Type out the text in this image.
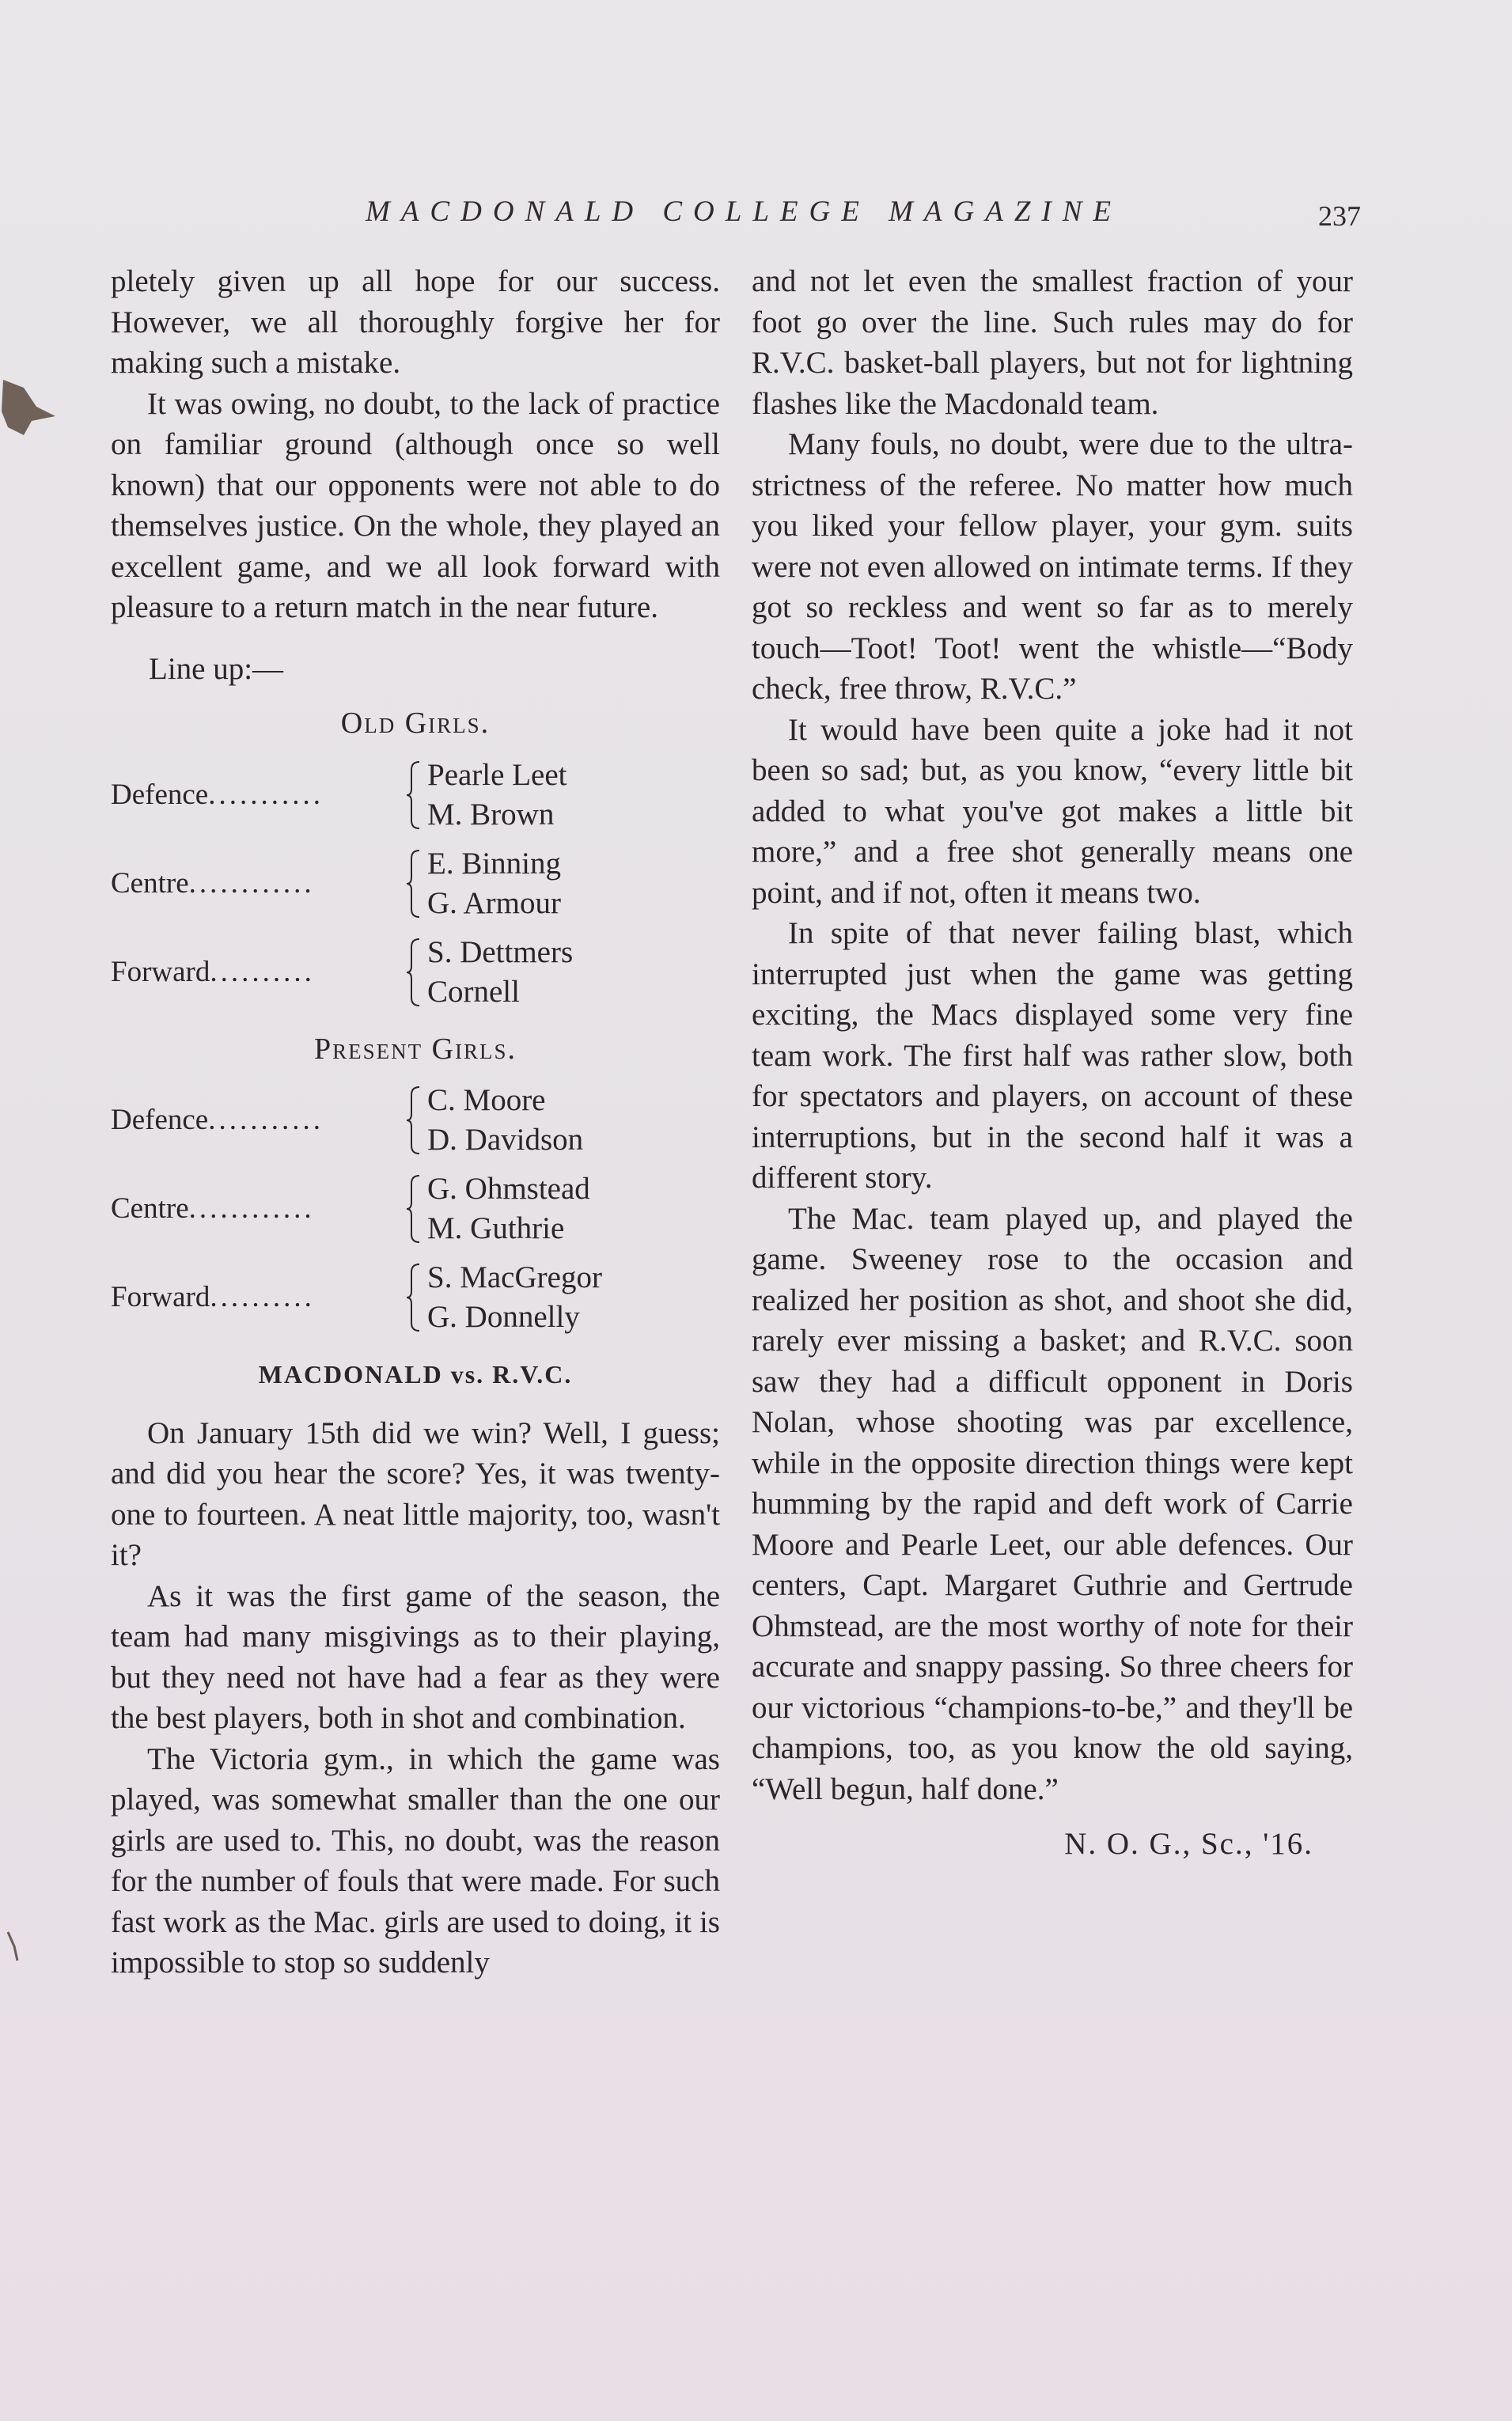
MACDONALD COLLEGE MAGAZINE	237

pletely given up all hope for our success. However, we all thoroughly forgive her for making such a mistake.

It was owing, no doubt, to the lack of practice on familiar ground (although once so well known) that our opponents were not able to do themselves justice. On the whole, they played an excellent game, and we all look forward with pleasure to a return match in the near future.

Line up:—

Old Girls.
Defence...........
Pearle Leet
M. Brown
Centre............
E. Binning
G. Armour
Forward..........
S. Dettmers
Cornell
Present Girls.
Defence...........
C. Moore
D. Davidson
Centre............
G. Ohmstead
M. Guthrie
Forward..........
S. MacGregor
G. Donnelly
MACDONALD vs. R.V.C.

On January 15th did we win? Well, I guess; and did you hear the score? Yes, it was twenty-one to fourteen. A neat little majority, too, wasn't it?

As it was the first game of the season, the team had many misgivings as to their playing, but they need not have had a fear as they were the best players, both in shot and combination.

The Victoria gym., in which the game was played, was somewhat smaller than the one our girls are used to. This, no doubt, was the reason for the number of fouls that were made. For such fast work as the Mac. girls are used to doing, it is impossible to stop so suddenly

and not let even the smallest fraction of your foot go over the line. Such rules may do for R.V.C. basket-ball players, but not for lightning flashes like the Macdonald team.

Many fouls, no doubt, were due to the ultra-strictness of the referee. No matter how much you liked your fellow player, your gym. suits were not even allowed on intimate terms. If they got so reckless and went so far as to merely touch—Toot! Toot! went the whistle—“Body check, free throw, R.V.C.”

It would have been quite a joke had it not been so sad; but, as you know, “every little bit added to what you've got makes a little bit more,” and a free shot generally means one point, and if not, often it means two.

In spite of that never failing blast, which interrupted just when the game was getting exciting, the Macs displayed some very fine team work. The first half was rather slow, both for spectators and players, on account of these interruptions, but in the second half it was a different story.

The Mac. team played up, and played the game. Sweeney rose to the occasion and realized her position as shot, and shoot she did, rarely ever missing a basket; and R.V.C. soon saw they had a difficult opponent in Doris Nolan, whose shooting was par excellence, while in the opposite direction things were kept humming by the rapid and deft work of Carrie Moore and Pearle Leet, our able defences. Our centers, Capt. Margaret Guthrie and Gertrude Ohmstead, are the most worthy of note for their accurate and snappy passing. So three cheers for our victorious “champions-to-be,” and they'll be champions, too, as you know the old saying, “Well begun, half done.”

N. O. G., Sc., '16.
